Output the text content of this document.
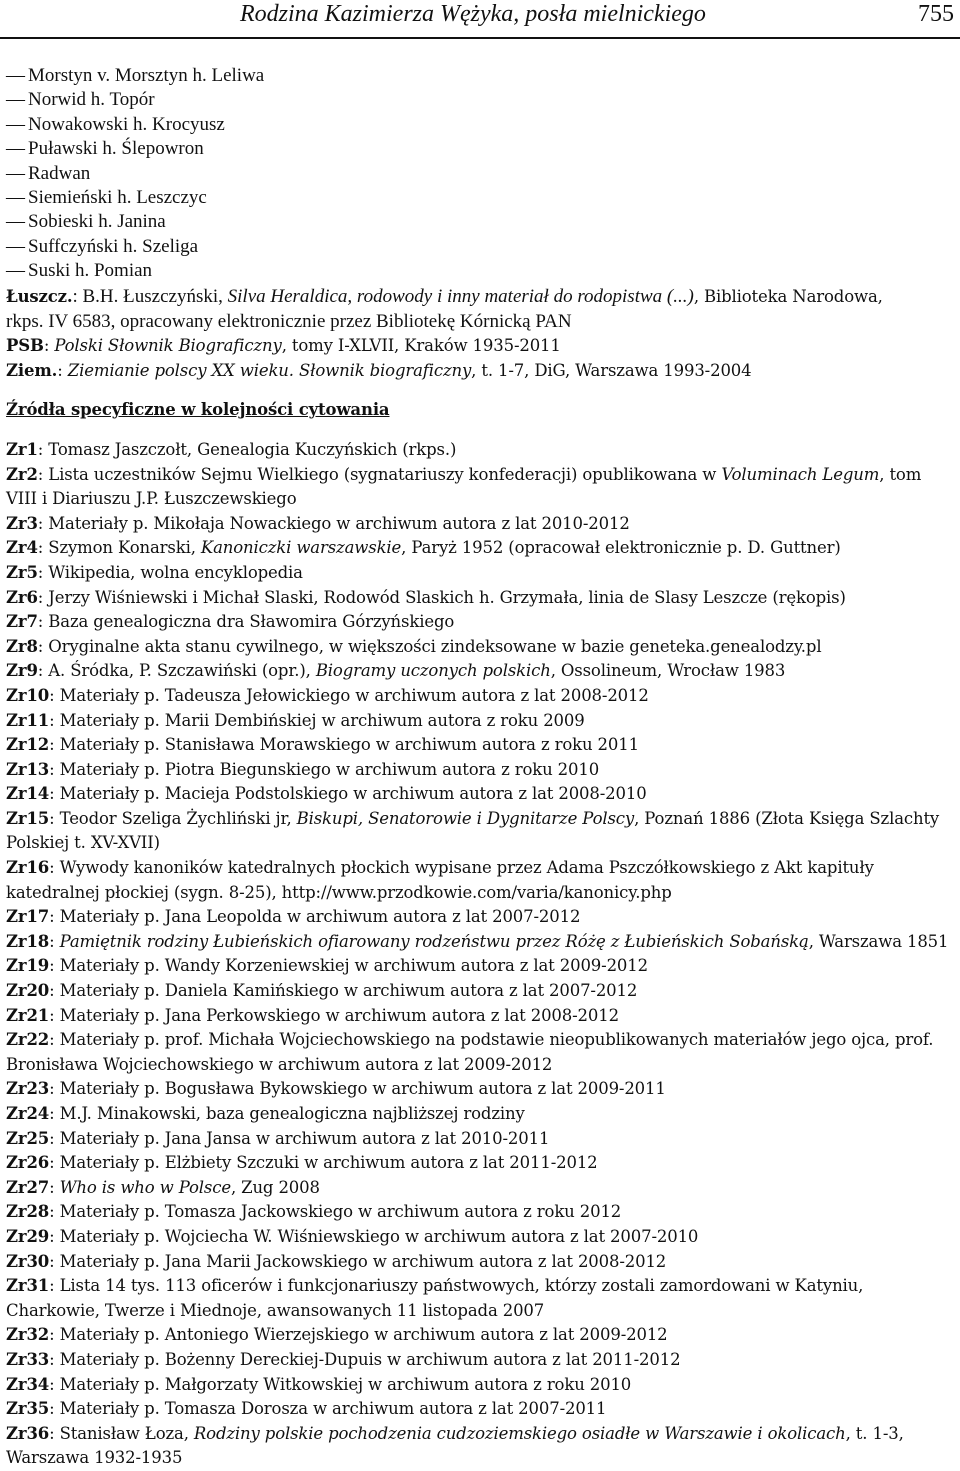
Rodzina Kazimierza Wężyka, posła mielnickiego	755
— Morstyn v. Morsztyn h. Leliwa
— Norwid h. Topór
— Nowakowski h. Krocyusz
— Puławski h. Ślepowron
— Radwan
— Siemieński h. Leszczyc
— Sobieski h. Janina
— Suffczyński h. Szeliga
— Suski h. Pomian

Łuszcz.: B.H. Łuszczyński, Silva Heraldica, rodowody i inny materiał do rodopistwa (...), Biblioteka Narodowa,
rkps. IV 6583, opracowany elektronicznie przez Bibliotekę Kórnicką PAN

PSB: Polski Słownik Biograficzny, tomy I-XLVII, Kraków 1935-2011

Ziem.: Ziemianie polscy XX wieku. Słownik biograficzny, t. 1-7, DiG, Warszawa 1993-2004

Źródła specyficzne w kolejności cytowania

Zr1: Tomasz Jaszczołt, Genealogia Kuczyńskich (rkps.)

Zr2: Lista uczestników Sejmu Wielkiego (sygnatariuszy konfederacji) opublikowana w Voluminach Legum, tom VIII i Diariuszu J.P. Łuszczewskiego

Zr3: Materiały p. Mikołaja Nowackiego w archiwum autora z lat 2010-2012

Zr4: Szymon Konarski, Kanoniczki warszawskie, Paryż 1952 (opracował elektronicznie p. D. Guttner)

Zr5: Wikipedia, wolna encyklopedia

Zr6: Jerzy Wiśniewski i Michał Slaski, Rodowód Slaskich h. Grzymała, linia de Slasy Leszcze (rękopis)

Zr7: Baza genealogiczna dra Sławomira Górzyńskiego

Zr8: Oryginalne akta stanu cywilnego, w większości zindeksowane w bazie geneteka.genealodzy.pl

Zr9: A. Śródka, P. Szczawiński (opr.), Biogramy uczonych polskich, Ossolineum, Wrocław 1983

Zr10: Materiały p. Tadeusza Jełowickiego w archiwum autora z lat 2008-2012

Zr11: Materiały p. Marii Dembińskiej w archiwum autora z roku 2009

Zr12: Materiały p. Stanisława Morawskiego w archiwum autora z roku 2011

Zr13: Materiały p. Piotra Biegunskiego w archiwum autora z roku 2010

Zr14: Materiały p. Macieja Podstolskiego w archiwum autora z lat 2008-2010

Zr15: Teodor Szeliga Żychliński jr, Biskupi, Senatorowie i Dygnitarze Polscy, Poznań 1886 (Złota Księga Szlachty Polskiej t. XV-XVII)

Zr16: Wywody kanoników katedralnych płockich wypisane przez Adama Pszczółkowskiego z Akt kapituły katedralnej płockiej (sygn. 8-25), http://www.przodkowie.com/varia/kanonicy.php

Zr17: Materiały p. Jana Leopolda w archiwum autora z lat 2007-2012

Zr18: Pamiętnik rodziny Łubieńskich ofiarowany rodzeństwu przez Różę z Łubieńskich Sobańską, Warszawa 1851

Zr19: Materiały p. Wandy Korzeniewskiej w archiwum autora z lat 2009-2012

Zr20: Materiały p. Daniela Kamińskiego w archiwum autora z lat 2007-2012

Zr21: Materiały p. Jana Perkowskiego w archiwum autora z lat 2008-2012

Zr22: Materiały p. prof. Michała Wojciechowskiego na podstawie nieopublikowanych materiałów jego ojca, prof. Bronisława Wojciechowskiego w archiwum autora z lat 2009-2012

Zr23: Materiały p. Bogusława Bykowskiego w archiwum autora z lat 2009-2011

Zr24: M.J. Minakowski, baza genealogiczna najbliższej rodziny

Zr25: Materiały p. Jana Jansa w archiwum autora z lat 2010-2011

Zr26: Materiały p. Elżbiety Szczuki w archiwum autora z lat 2011-2012

Zr27: Who is who w Polsce, Zug 2008

Zr28: Materiały p. Tomasza Jackowskiego w archiwum autora z roku 2012

Zr29: Materiały p. Wojciecha W. Wiśniewskiego w archiwum autora z lat 2007-2010

Zr30: Materiały p. Jana Marii Jackowskiego w archiwum autora z lat 2008-2012

Zr31: Lista 14 tys. 113 oficerów i funkcjonariuszy państwowych, którzy zostali zamordowani w Katyniu, Charkowie, Twerze i Miednoje, awansowanych 11 listopada 2007

Zr32: Materiały p. Antoniego Wierzejskiego w archiwum autora z lat 2009-2012

Zr33: Materiały p. Bożenny Dereckiej-Dupuis w archiwum autora z lat 2011-2012

Zr34: Materiały p. Małgorzaty Witkowskiej w archiwum autora z roku 2010

Zr35: Materiały p. Tomasza Dorosza w archiwum autora z lat 2007-2011

Zr36: Stanisław Łoza, Rodziny polskie pochodzenia cudzoziemskiego osiadłe w Warszawie i okolicach, t. 1-3, Warszawa 1932-1935
